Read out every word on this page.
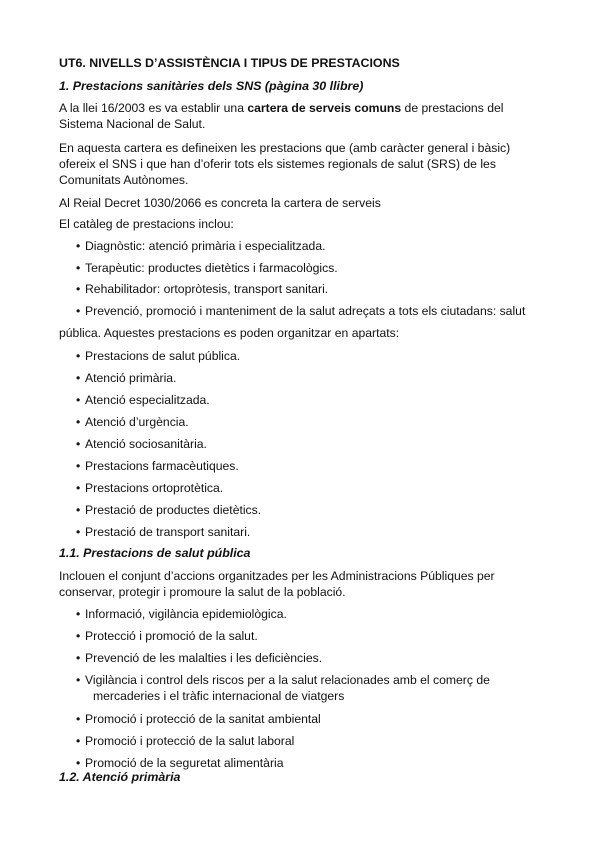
UT6. NIVELLS D’ASSISTÈNCIA I TIPUS DE PRESTACIONS
1. Prestacions sanitàries dels SNS (pàgina 30 llibre)
A la llei 16/2003 es va establir una cartera de serveis comuns de prestacions del
Sistema Nacional de Salut.
En aquesta cartera es defineixen les prestacions que (amb caràcter general i bàsic)
ofereix el SNS i que han d’oferir tots els sistemes regionals de salut (SRS) de les
Comunitats Autònomes.
Al Reial Decret 1030/2066 es concreta la cartera de serveis
El catàleg de prestacions inclou:
• Diagnòstic: atenció primària i especialitzada.
• Terapèutic: productes dietètics i farmacològics.
• Rehabilitador: ortopròtesis, transport sanitari.
• Prevenció, promoció i manteniment de la salut adreçats a tots els ciutadans: salut
pública. Aquestes prestacions es poden organitzar en apartats:
• Prestacions de salut pública.
• Atenció primària.
• Atenció especialitzada.
• Atenció d’urgència.
• Atenció sociosanitària.
• Prestacions farmacèutiques.
• Prestacions ortoprotètica.
• Prestació de productes dietètics.
• Prestació de transport sanitari.
1.1. Prestacions de salut pública
Inclouen el conjunt d’accions organitzades per les Administracions Públiques per
conservar, protegir i promoure la salut de la població.
• Informació, vigilància epidemiològica.
• Protecció i promoció de la salut.
• Prevenció de les malalties i les deficiències.
• Vigilància i control dels riscos per a la salut relacionades amb el comerç de
mercaderies i el tràfic internacional de viatgers
• Promoció i protecció de la sanitat ambiental
• Promoció i protecció de la salut laboral
• Promoció de la seguretat alimentària
1.2. Atenció primària
